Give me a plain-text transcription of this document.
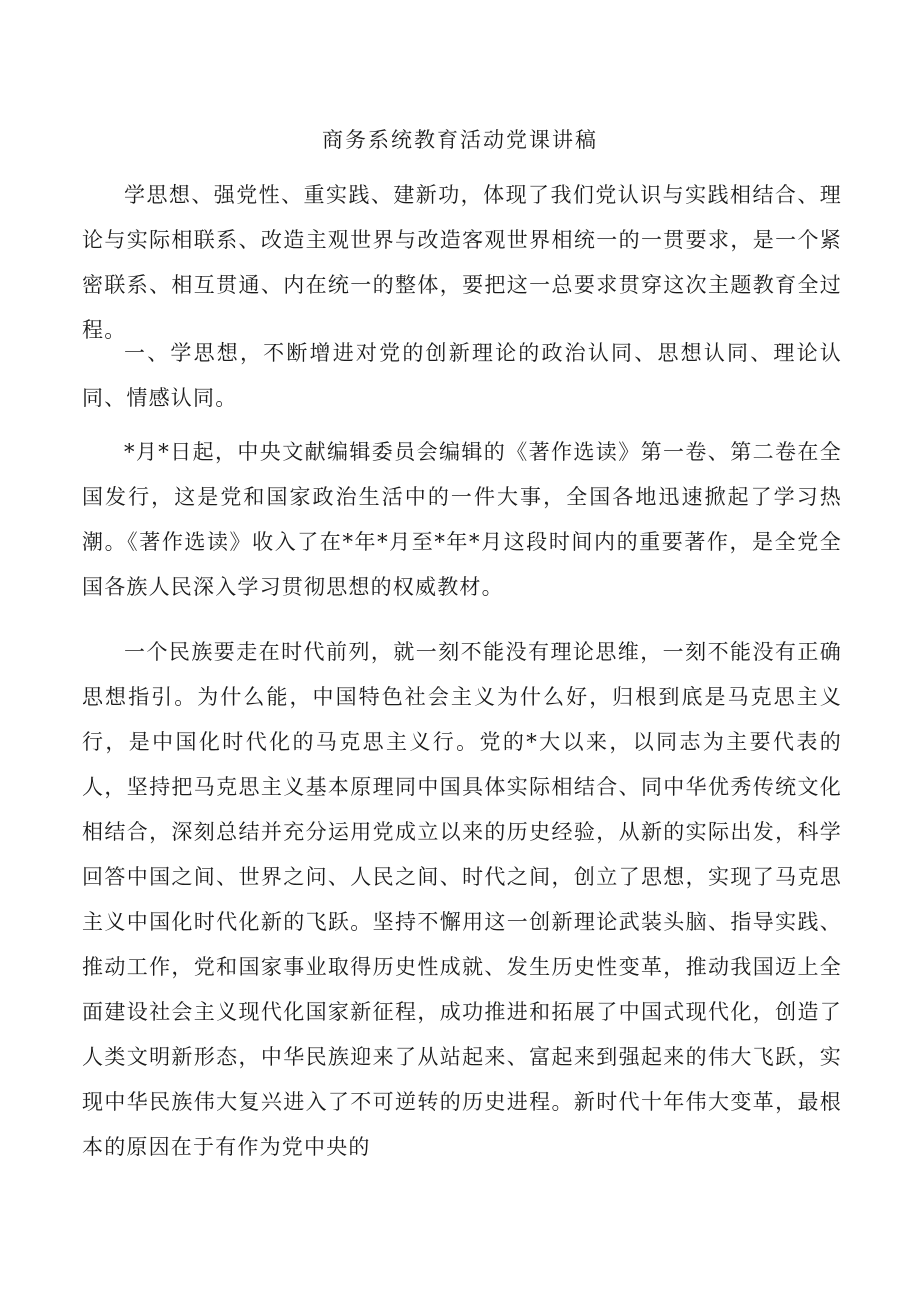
商务系统教育活动党课讲稿

学思想、强党性、重实践、建新功，体现了我们党认识与实践相结合、理论与实际相联系、改造主观世界与改造客观世界相统一的一贯要求，是一个紧密联系、相互贯通、内在统一的整体，要把这一总要求贯穿这次主题教育全过程。

一、学思想，不断增进对党的创新理论的政治认同、思想认同、理论认同、情感认同。

*月*日起，中央文献编辑委员会编辑的《著作选读》第一卷、第二卷在全国发行，这是党和国家政治生活中的一件大事，全国各地迅速掀起了学习热潮。《著作选读》收入了在*年*月至*年*月这段时间内的重要著作，是全党全国各族人民深入学习贯彻思想的权威教材。

一个民族要走在时代前列，就一刻不能没有理论思维，一刻不能没有正确思想指引。为什么能，中国特色社会主义为什么好，归根到底是马克思主义行，是中国化时代化的马克思主义行。党的*大以来，以同志为主要代表的人，坚持把马克思主义基本原理同中国具体实际相结合、同中华优秀传统文化相结合，深刻总结并充分运用党成立以来的历史经验，从新的实际出发，科学回答中国之间、世界之问、人民之间、时代之间，创立了思想，实现了马克思主义中国化时代化新的飞跃。坚持不懈用这一创新理论武装头脑、指导实践、推动工作，党和国家事业取得历史性成就、发生历史性变革，推动我国迈上全面建设社会主义现代化国家新征程，成功推进和拓展了中国式现代化，创造了人类文明新形态，中华民族迎来了从站起来、富起来到强起来的伟大飞跃，实现中华民族伟大复兴进入了不可逆转的历史进程。新时代十年伟大变革，最根本的原因在于有作为党中央的
